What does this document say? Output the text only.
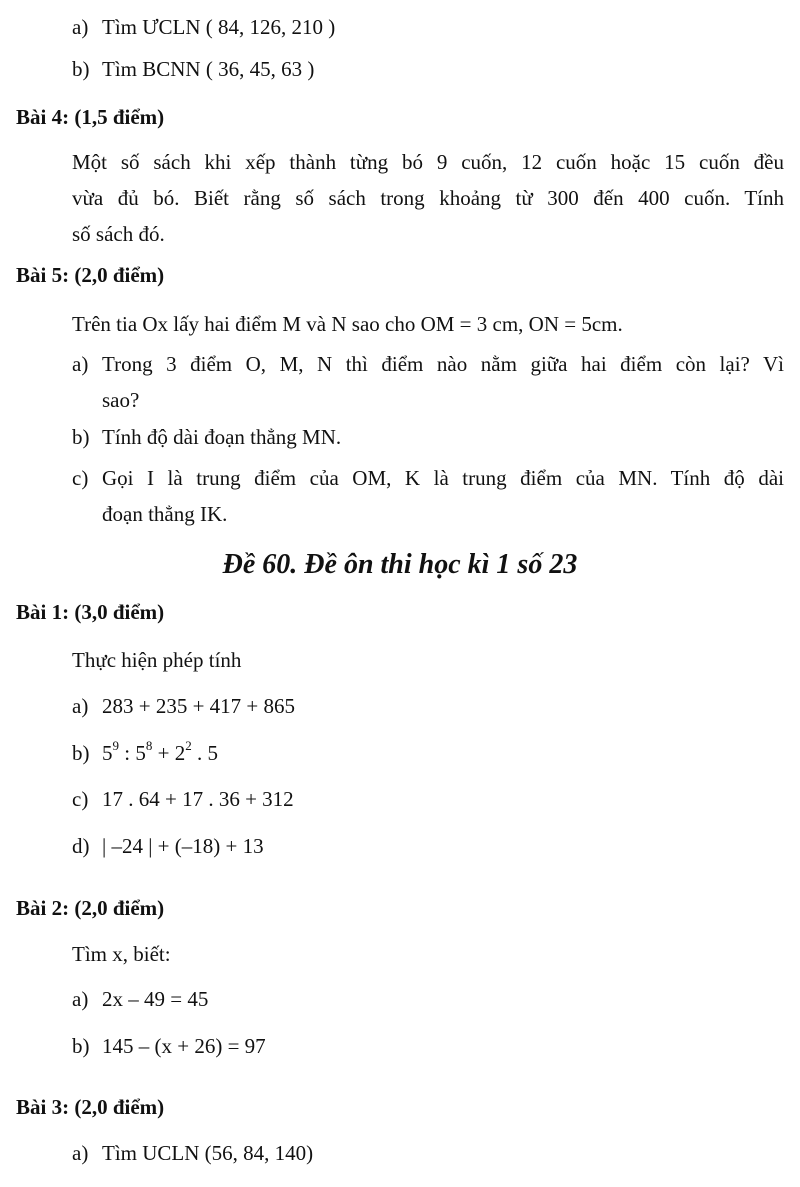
a) Tìm ƯCLN ( 84, 126, 210 )
b) Tìm BCNN ( 36, 45, 63 )
Bài 4: (1,5 điểm)
Một số sách khi xếp thành từng bó 9 cuốn, 12 cuốn hoặc 15 cuốn đều
vừa đủ bó. Biết rằng số sách trong khoảng từ 300 đến 400 cuốn. Tính
số sách đó.
Bài 5: (2,0 điểm)
Trên tia Ox lấy hai điểm M và N sao cho OM = 3 cm, ON = 5cm.
a) Trong 3 điểm O, M, N thì điểm nào nằm giữa hai điểm còn lại? Vì
sao?
b) Tính độ dài đoạn thẳng MN.
c) Gọi I là trung điểm của OM, K là trung điểm của MN. Tính độ dài
đoạn thẳng IK.
Đề 60. Đề ôn thi học kì 1 số 23
Bài 1: (3,0 điểm)
Thực hiện phép tính
a) 283 + 235 + 417 + 865
b) $5^9$ : $5^8 + 2^2$ . 5
c) 17 . 64 + 17 . 36 + 312
d) | –24 | + (–18) + 13
Bài 2: (2,0 điểm)
Tìm x, biết:
a) 2x – 49 = 45
b) 145 – (x + 26) = 97
Bài 3: (2,0 điểm)
a) Tìm UCLN (56, 84, 140)
